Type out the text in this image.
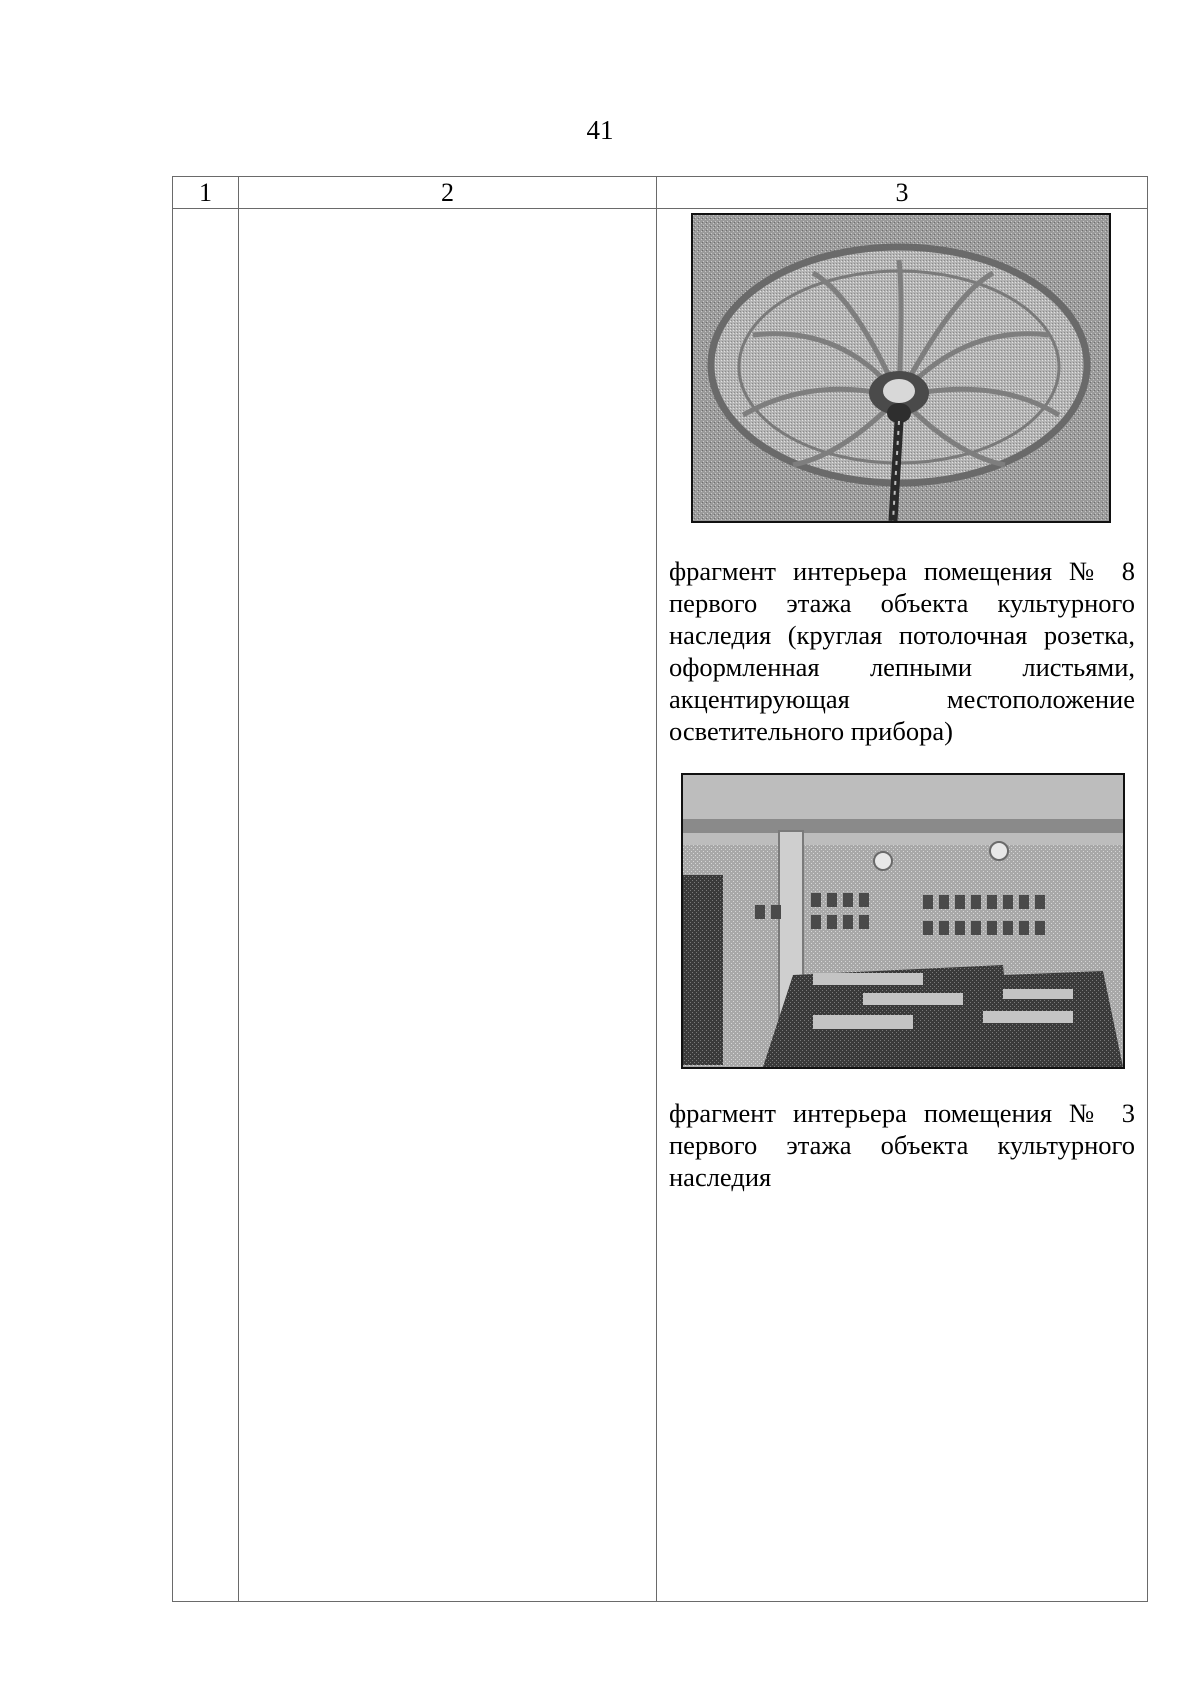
41
1	2	3

		фрагмент интерьера помещения № 8 первого этажа объекта культурного наследия (круглая потолочная розетка, оформленная лепными листьями, акцентирующая местоположение осветительного прибора)

фрагмент интерьера помещения № 3 первого этажа объекта культурного наследия
